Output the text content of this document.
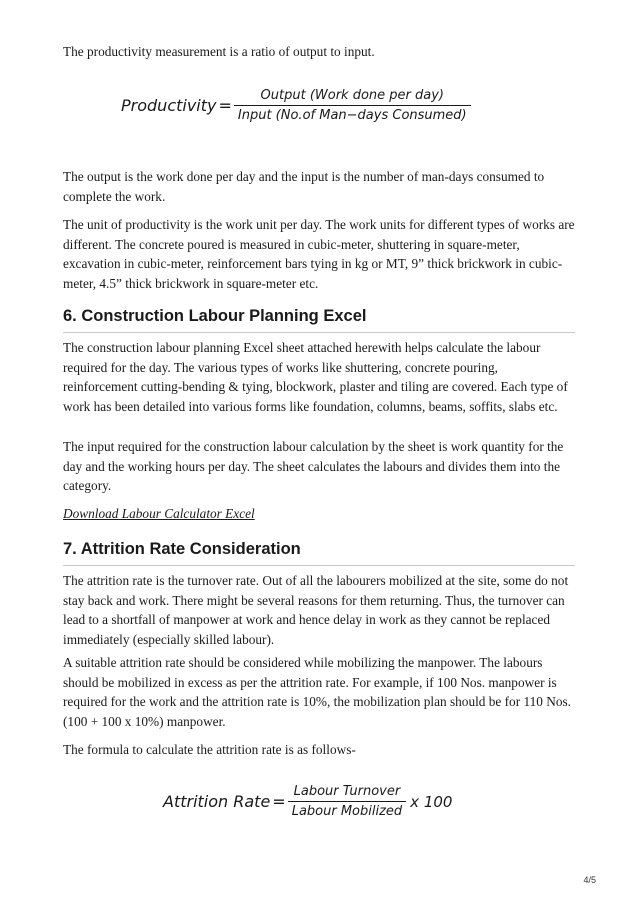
The productivity measurement is a ratio of output to input.

Productivity = $\frac{\text{Output (Work done per day)}}{\text{Input (No.of Man−days Consumed)}}$

The output is the work done per day and the input is the number of man-days consumed to complete the work.

The unit of productivity is the work unit per day. The work units for different types of works are different. The concrete poured is measured in cubic-meter, shuttering in square-meter, excavation in cubic-meter, reinforcement bars tying in kg or MT, 9” thick brickwork in cubic-meter, 4.5” thick brickwork in square-meter etc.

6. Construction Labour Planning Excel

The construction labour planning Excel sheet attached herewith helps calculate the labour required for the day. The various types of works like shuttering, concrete pouring, reinforcement cutting-bending & tying, blockwork, plaster and tiling are covered. Each type of work has been detailed into various forms like foundation, columns, beams, soffits, slabs etc.

The input required for the construction labour calculation by the sheet is work quantity for the day and the working hours per day. The sheet calculates the labours and divides them into the category.

Download Labour Calculator Excel

7. Attrition Rate Consideration

The attrition rate is the turnover rate. Out of all the labourers mobilized at the site, some do not stay back and work. There might be several reasons for them returning. Thus, the turnover can lead to a shortfall of manpower at work and hence delay in work as they cannot be replaced immediately (especially skilled labour).

A suitable attrition rate should be considered while mobilizing the manpower. The labours should be mobilized in excess as per the attrition rate. For example, if 100 Nos. manpower is required for the work and the attrition rate is 10%, the mobilization plan should be for 110 Nos. (100 + 100 x 10%) manpower.

The formula to calculate the attrition rate is as follows-

Attrition Rate = $\frac{\text{Labour Turnover}}{\text{Labour Mobilized}}$ x 100
4/5
